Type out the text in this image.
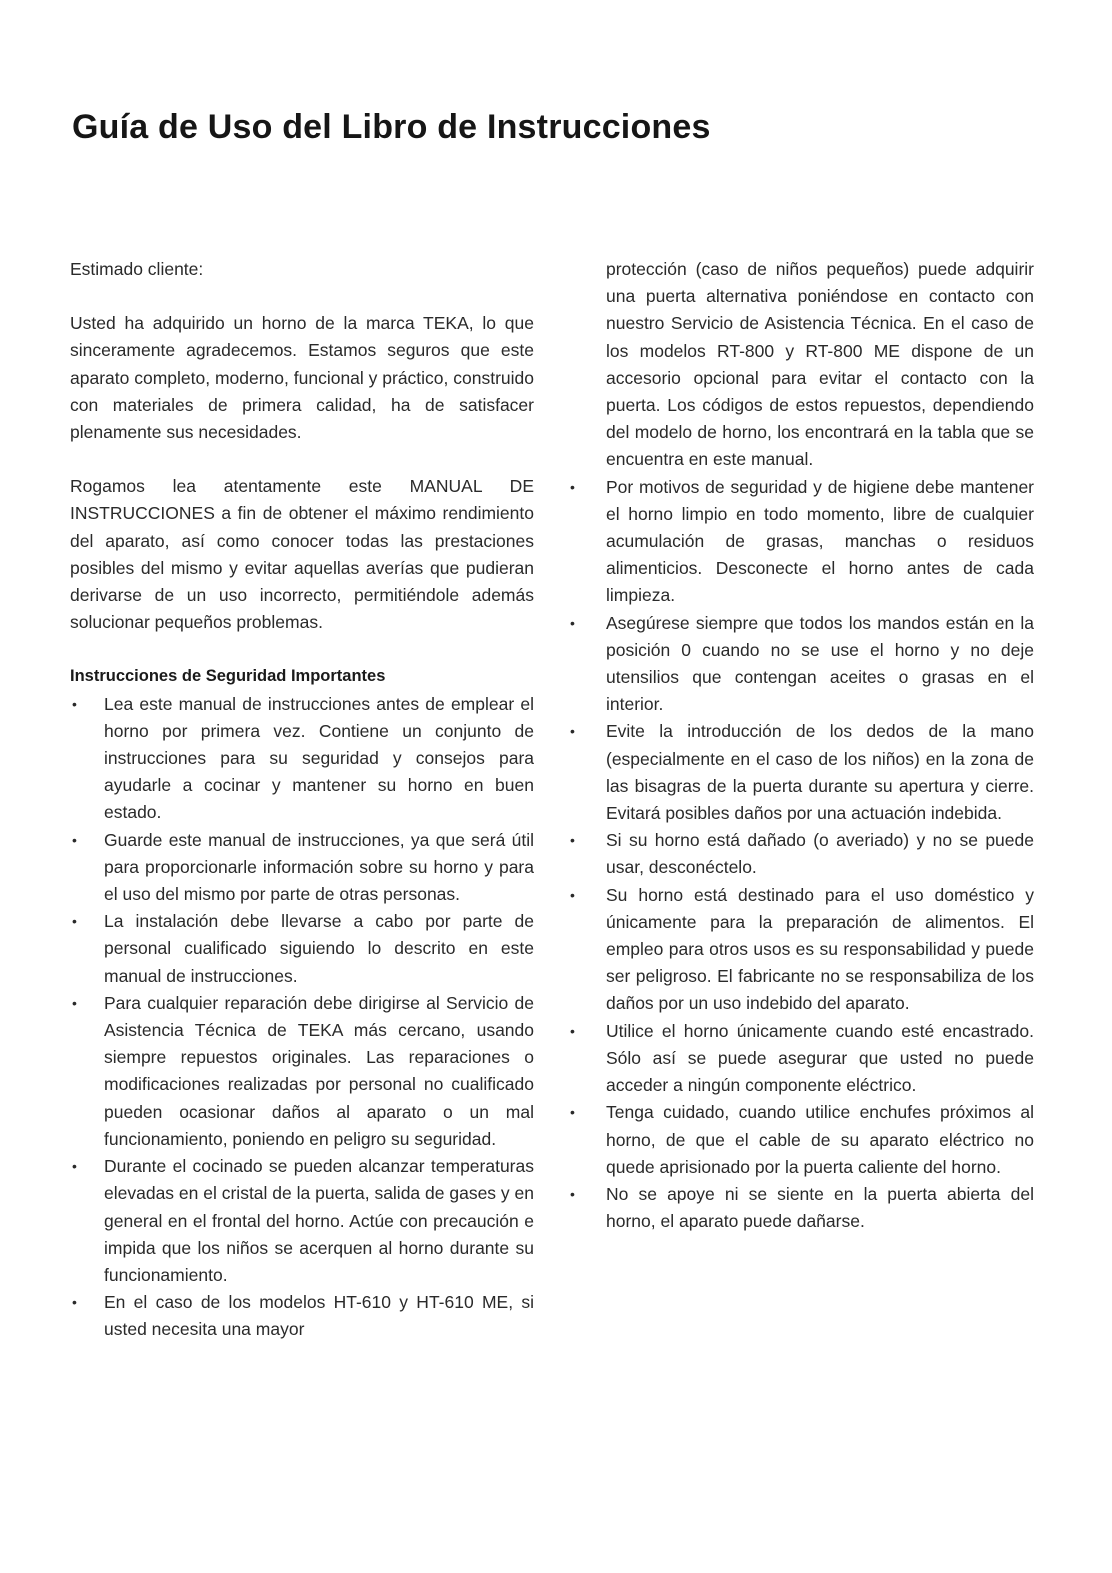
Guía de Uso del Libro de Instrucciones

Estimado cliente:

Usted ha adquirido un horno de la marca TEKA, lo que sinceramente agradecemos. Estamos seguros que este aparato completo, moderno, funcional y práctico, construido con materiales de primera calidad, ha de satisfacer plenamente sus necesidades.

Rogamos lea atentamente este MANUAL DE INSTRUCCIONES a fin de obtener el máximo rendimiento del aparato, así como conocer todas las prestaciones posibles del mismo y evitar aquellas averías que pudieran derivarse de un uso incorrecto, permitiéndole además solucionar pequeños problemas.

Instrucciones de Seguridad Importantes
• Lea este manual de instrucciones antes de emplear el horno por primera vez. Contiene un conjunto de instrucciones para su seguridad y consejos para ayudarle a cocinar y mantener su horno en buen estado.
• Guarde este manual de instrucciones, ya que será útil para proporcionarle información sobre su horno y para el uso del mismo por parte de otras personas.
• La instalación debe llevarse a cabo por parte de personal cualificado siguiendo lo descrito en este manual de instrucciones.
• Para cualquier reparación debe dirigirse al Servicio de Asistencia Técnica de TEKA más cercano, usando siempre repuestos originales. Las reparaciones o modificaciones realizadas por personal no cualificado pueden ocasionar daños al aparato o un mal funcionamiento, poniendo en peligro su seguridad.
• Durante el cocinado se pueden alcanzar temperaturas elevadas en el cristal de la puerta, salida de gases y en general en el frontal del horno. Actúe con precaución e impida que los niños se acerquen al horno durante su funcionamiento.
• En el caso de los modelos HT-610 y HT-610 ME, si usted necesita una mayor

protección (caso de niños pequeños) puede adquirir una puerta alternativa poniéndose en contacto con nuestro Servicio de Asistencia Técnica. En el caso de los modelos RT-800 y RT-800 ME dispone de un accesorio opcional para evitar el contacto con la puerta. Los códigos de estos repuestos, dependiendo del modelo de horno, los encontrará en la tabla que se encuentra en este manual.

• Por motivos de seguridad y de higiene debe mantener el horno limpio en todo momento, libre de cualquier acumulación de grasas, manchas o residuos alimenticios. Desconecte el horno antes de cada limpieza.
• Asegúrese siempre que todos los mandos están en la posición 0 cuando no se use el horno y no deje utensilios que contengan aceites o grasas en el interior.
• Evite la introducción de los dedos de la mano (especialmente en el caso de los niños) en la zona de las bisagras de la puerta durante su apertura y cierre. Evitará posibles daños por una actuación indebida.
• Si su horno está dañado (o averiado) y no se puede usar, desconéctelo.
• Su horno está destinado para el uso doméstico y únicamente para la preparación de alimentos. El empleo para otros usos es su responsabilidad y puede ser peligroso. El fabricante no se responsabiliza de los daños por un uso indebido del aparato.
• Utilice el horno únicamente cuando esté encastrado. Sólo así se puede asegurar que usted no puede acceder a ningún componente eléctrico.
• Tenga cuidado, cuando utilice enchufes próximos al horno, de que el cable de su aparato eléctrico no quede aprisionado por la puerta caliente del horno.
• No se apoye ni se siente en la puerta abierta del horno, el aparato puede dañarse.
